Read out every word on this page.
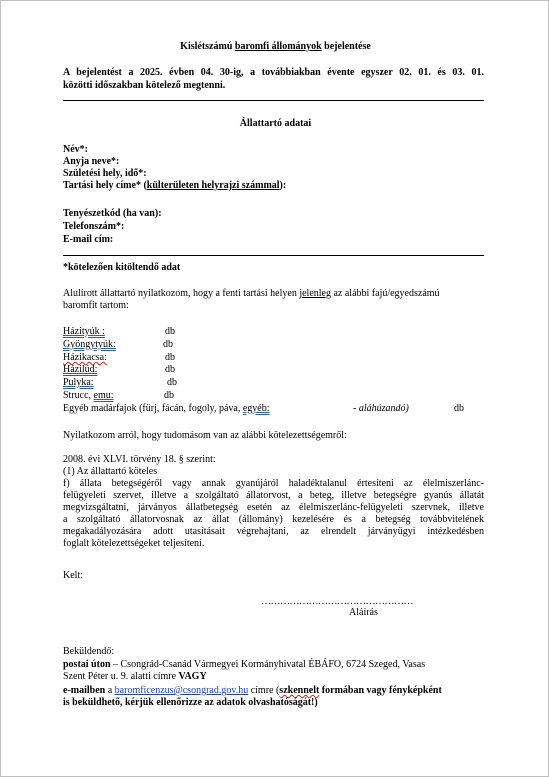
Kislétszámú baromfi állományok bejelentése
A bejelentést a 2025. évben 04. 30-ig, a továbbiakban évente egyszer 02. 01. és 03. 01.
közötti időszakban kötelező megtenni.
Állattartó adatai
Név*:
Anyja neve*:
Születési hely, idő*:
Tartási hely címe* (külterületen helyrajzi számmal):
Tenyészetkód (ha van):
Telefonszám*:
E-mail cím:
*kötelezően kitöltendő adat
Alulírott állattartó nyilatkozom, hogy a fenti tartási helyen jelenleg az alábbi fajú/egyedszámú
baromfit tartom:
Házityúk :	db
Gyöngytyúk:	db
Házikacsa:	db
Házilúd:	db
Pulyka:	db
Strucc, emu:	db
Egyéb madárfajok (fürj, fácán, fogoly, páva, egyéb:	- aláhúzandó)	db
Nyilatkozom arról, hogy tudomásom van az alábbi kötelezettségemről:
2008. évi XLVI. törvény 18. § szerint:
(1) Az állattartó köteles
f) állata betegségéről vagy annak gyanújáról haladéktalanul értesíteni az élelmiszerlánc-
felügyeleti szervet, illetve a szolgáltató állatorvost, a beteg, illetve betegségre gyanús állatát
megvizsgáltatni, járványos állatbetegség esetén az élelmiszerlánc-felügyeleti szervnek, illetve
a szolgáltató állatorvosnak az állat (állomány) kezelésére és a betegség továbbvitelének
megakadályozására adott utasításait végrehajtani, az elrendelt járványügyi intézkedésben
foglalt kötelezettségeket teljesíteni.
Kelt:
…………………………………………
Aláírás
Beküldendő:
postai úton – Csongrád-Csanád Vármegyei Kormányhivatal ÉBÁFO, 6724 Szeged, Vasas
Szent Péter u. 9. alatti címre VAGY
e-mailben a baromficenzus@csongrad.gov.hu címre (szkennelt formában vagy fényképként
is beküldhető, kérjük ellenőrizze az adatok olvashatóságát!)
